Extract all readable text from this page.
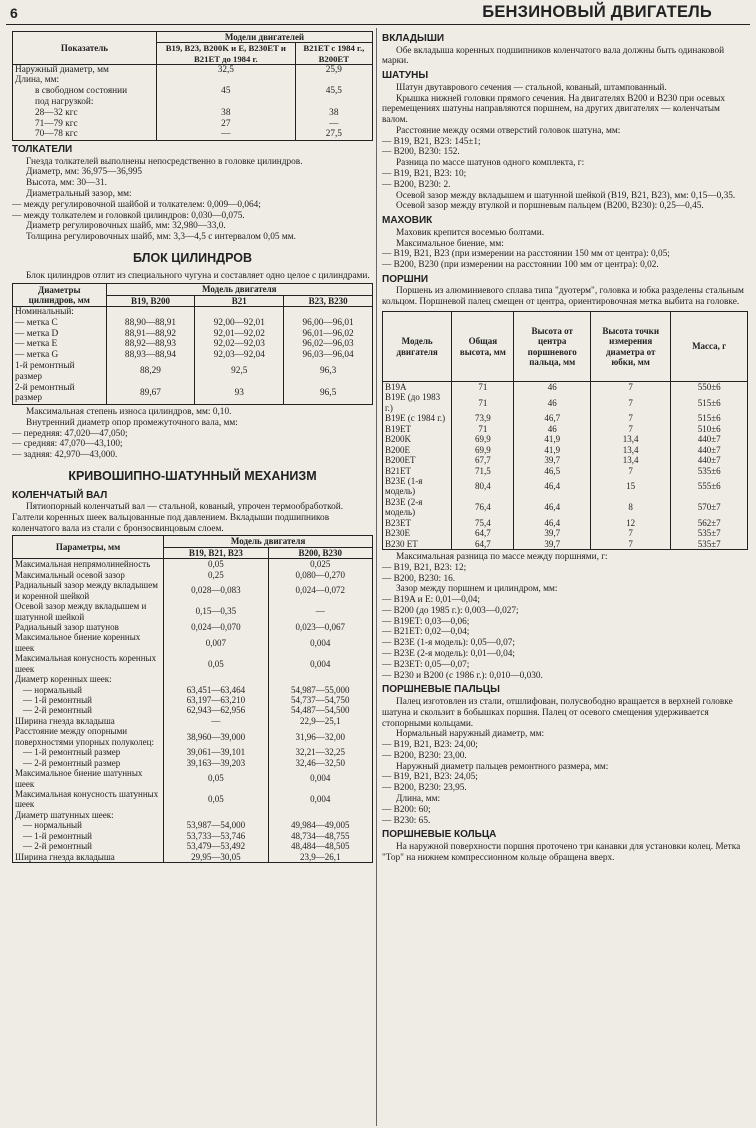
6	БЕНЗИНОВЫЙ ДВИГАТЕЛЬ
Показатель	Модели двигателей	
	B19, B23, B200K и E, B230ET и B21ET до 1984 г.	B21ET с 1984 г., B200ET
Наружный диаметр, мм	32,5	25,9
Длина, мм:		
в свободном состоянии	45	45,5
под нагрузкой:		
28—32 кгс	38	38
71—79 кгс	27	—
70—78 кгс	—	27,5
ТОЛКАТЕЛИ

Гнезда толкателей выполнены непосредственно в головке цилиндров.

Диаметр, мм: 36,975—36,995

Высота, мм: 30—31.

Диаметральный зазор, мм:

— между регулировочной шайбой и толкателем: 0,009—0,064;

— между толкателем и головкой цилиндров: 0,030—0,075.

Диаметр регулировочных шайб, мм: 32,980—33,0.

Толщина регулировочных шайб, мм: 3,3—4,5 с интервалом 0,05 мм.

БЛОК ЦИЛИНДРОВ

Блок цилиндров отлит из специального чугуна и составляет одно целое с цилиндрами.

Диаметры цилиндров, мм	Модель двигателя		
	B19, B200	B21	B23, B230
Номинальный:			
— метка C	88,90—88,91	92,00—92,01	96,00—96,01
— метка D	88,91—88,92	92,01—92,02	96,01—96,02
— метка E	88,92—88,93	92,02—92,03	96,02—96,03
— метка G	88,93—88,94	92,03—92,04	96,03—96,04
1-й ремонтный размер	88,29	92,5	96,3
2-й ремонтный размер	89,67	93	96,5

Максимальная степень износа цилиндров, мм: 0,10.

Внутренний диаметр опор промежуточного вала, мм:

— передняя: 47,020—47,050;

— средняя: 47,070—43,100;

— задняя: 42,970—43,000.

КРИВОШИПНО-ШАТУННЫЙ МЕХАНИЗМ
КОЛЕНЧАТЫЙ ВАЛ

Пятиопорный коленчатый вал — стальной, кованый, упрочен термообработкой. Галтели коренных шеек вальцованные под давлением. Вкладыши подшипников коленчатого вала из стали с бронзосвинцовым слоем.

Параметры, мм	Модель двигателя	
	B19, B21, B23	B200, B230
Максимальная непрямолинейность	0,05	0,025
Максимальный осевой зазор	0,25	0,080—0,270
Радиальный зазор между вкладышем и коренной шейкой	0,028—0,083	0,024—0,072
Осевой зазор между вкладышем и шатунной шейкой	0,15—0,35	—
Радиальный зазор шатунов	0,024—0,070	0,023—0,067
Максимальное биение коренных шеек	0,007	0,004
Максимальная конусность коренных шеек	0,05	0,004
Диаметр коренных шеек:		
— нормальный	63,451—63,464	54,987—55,000
— 1-й ремонтный	63,197—63,210	54,737—54,750
— 2-й ремонтный	62,943—62,956	54,487—54,500
Ширина гнезда вкладыша	—	22,9—25,1
Расстояние между опорными поверхностями упорных полуколец:	38,960—39,000	31,96—32,00
— 1-й ремонтный размер	39,061—39,101	32,21—32,25
— 2-й ремонтный размер	39,163—39,203	32,46—32,50
Максимальное биение шатунных шеек	0,05	0,004
Максимальная конусность шатунных шеек	0,05	0,004
Диаметр шатунных шеек:		
— нормальный	53,987—54,000	49,984—49,005
— 1-й ремонтный	53,733—53,746	48,734—48,755
— 2-й ремонтный	53,479—53,492	48,484—48,505
Ширина гнезда вкладыша	29,95—30,05	23,9—26,1
ВКЛАДЫШИ

Обе вкладыша коренных подшипников коленчатого вала должны быть одинаковой марки.

ШАТУНЫ

Шатун двутаврового сечения — стальной, кованый, штампованный.

Крышка нижней головки прямого сечения. На двигателях B200 и B230 при осевых перемещениях шатуны направляются поршнем, на других двигателях — коленчатым валом.

Расстояние между осями отверстий головок шатуна, мм:

— B19, B21, B23: 145±1;

— B200, B230: 152.

Разница по массе шатунов одного комплекта, г:

— B19, B21, B23: 10;

— B200, B230: 2.

Осевой зазор между вкладышем и шатунной шейкой (B19, B21, B23), мм: 0,15—0,35.

Осевой зазор между втулкой и поршневым пальцем (B200, B230): 0,25—0,45.

МАХОВИК

Маховик крепится восемью болтами.

Максимальное биение, мм:

— B19, B21, B23 (при измерении на расстоянии 150 мм от центра): 0,05;

— B200, B230 (при измерении на расстоянии 100 мм от центра): 0,02.

ПОРШНИ

Поршень из алюминиевого сплава типа "дуотерм", головка и юбка разделены стальным кольцом. Поршневой палец смещен от центра, ориентировочная метка выбита на головке.

Модель двигателя	Общая высота, мм	Высота от центра поршневого пальца, мм	Высота точки измерения диаметра от юбки, мм	Масса, г
B19A	71	46	7	550±6
B19E (до 1983 г.)	71	46	7	515±6
B19E (с 1984 г.)	73,9	46,7	7	515±6
B19ET	71	46	7	510±6
B200K	69,9	41,9	13,4	440±7
B200E	69,9	41,9	13,4	440±7
B200ET	67,7	39,7	13,4	440±7
B21ET	71,5	46,5	7	535±6
B23E (1-я модель)	80,4	46,4	15	555±6
B23E (2-я модель)	76,4	46,4	8	570±7
B23ET	75,4	46,4	12	562±7
B230E	64,7	39,7	7	535±7
B230 ET	64,7	39,7	7	535±7

Максимальная разница по массе между поршнями, г:

— B19, B21, B23: 12;

— B200, B230: 16.

Зазор между поршнем и цилиндром, мм:

— B19A и E: 0,01—0,04;

— B200 (до 1985 г.): 0,003—0,027;

— B19ET: 0,03—0,06;

— B21ET: 0,02—0,04;

— B23E (1-я модель): 0,05—0,07;

— B23E (2-я модель): 0,01—0,04;

— B23ET: 0,05—0,07;

— B230 и B200 (с 1986 г.): 0,010—0,030.

ПОРШНЕВЫЕ ПАЛЬЦЫ

Палец изготовлен из стали, отшлифован, полусвободно вращается в верхней головке шатуна и скользит в бобышках поршня. Палец от осевого смещения удерживается стопорными кольцами.

Нормальный наружный диаметр, мм:

— B19, B21, B23: 24,00;

— B200, B230: 23,00.

Наружный диаметр пальцев ремонтного размера, мм:

— B19, B21, B23: 24,05;

— B200, B230: 23,95.

Длина, мм:

— B200: 60;

— B230: 65.

ПОРШНЕВЫЕ КОЛЬЦА

На наружной поверхности поршня проточено три канавки для установки колец. Метка "Top" на нижнем компрессионном кольце обращена вверх.
